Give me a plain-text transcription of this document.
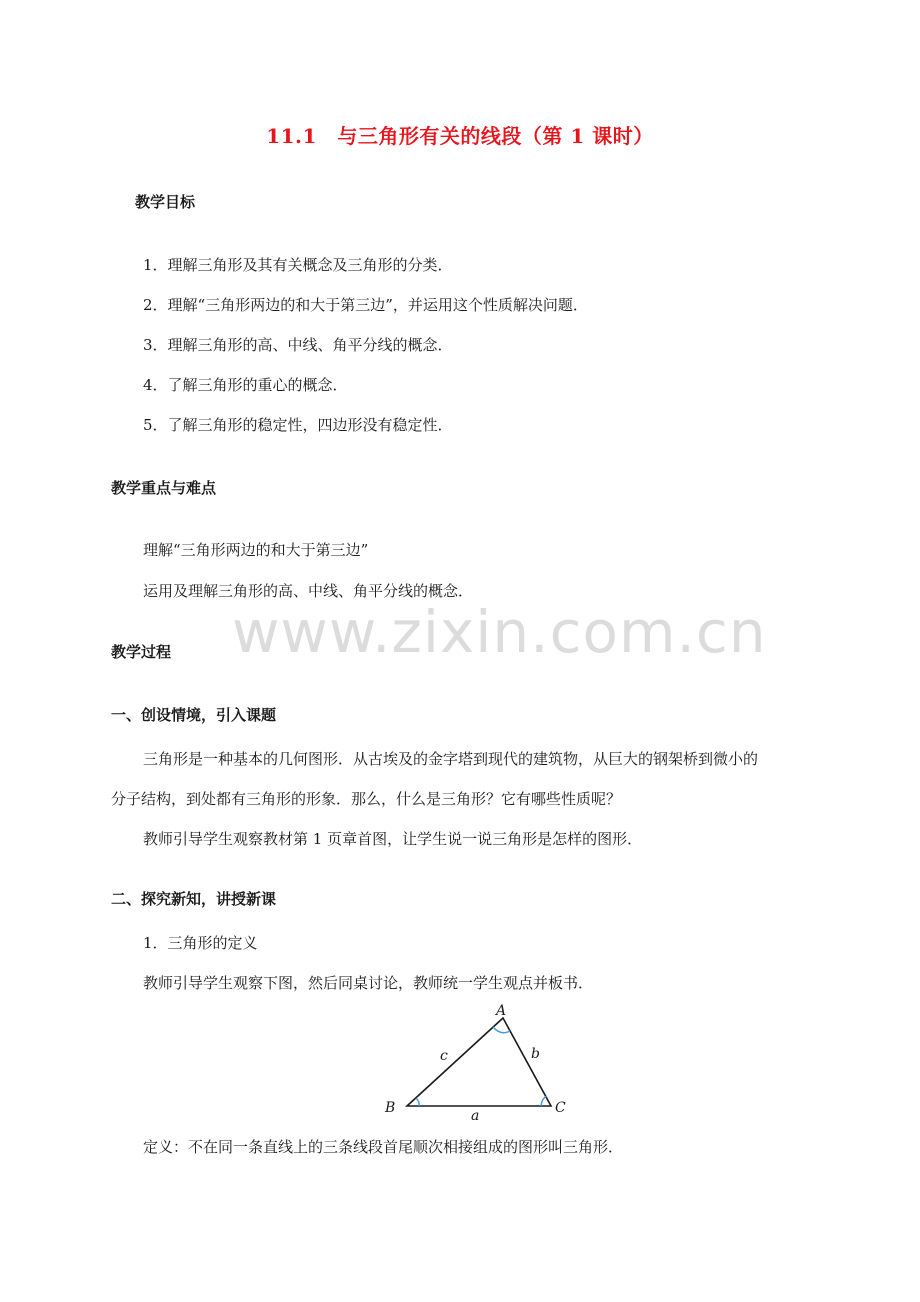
www.zixin.com.cn
11.1　与三角形有关的线段（第 1 课时）
教学目标
1．理解三角形及其有关概念及三角形的分类．
2．理解“三角形两边的和大于第三边”，并运用这个性质解决问题．
3．理解三角形的高、中线、角平分线的概念．
4．了解三角形的重心的概念．
5．了解三角形的稳定性，四边形没有稳定性．
教学重点与难点
理解“三角形两边的和大于第三边”
运用及理解三角形的高、中线、角平分线的概念．
教学过程
一、创设情境，引入课题
三角形是一种基本的几何图形．从古埃及的金字塔到现代的建筑物，从巨大的钢架桥到微小的
分子结构，到处都有三角形的形象．那么，什么是三角形？它有哪些性质呢？
教师引导学生观察教材第 1 页章首图，让学生说一说三角形是怎样的图形．
二、探究新知，讲授新课
1．三角形的定义
教师引导学生观察下图，然后同桌讨论，教师统一学生观点并板书．
A
B	C
a
b
c
定义：不在同一条直线上的三条线段首尾顺次相接组成的图形叫三角形．
